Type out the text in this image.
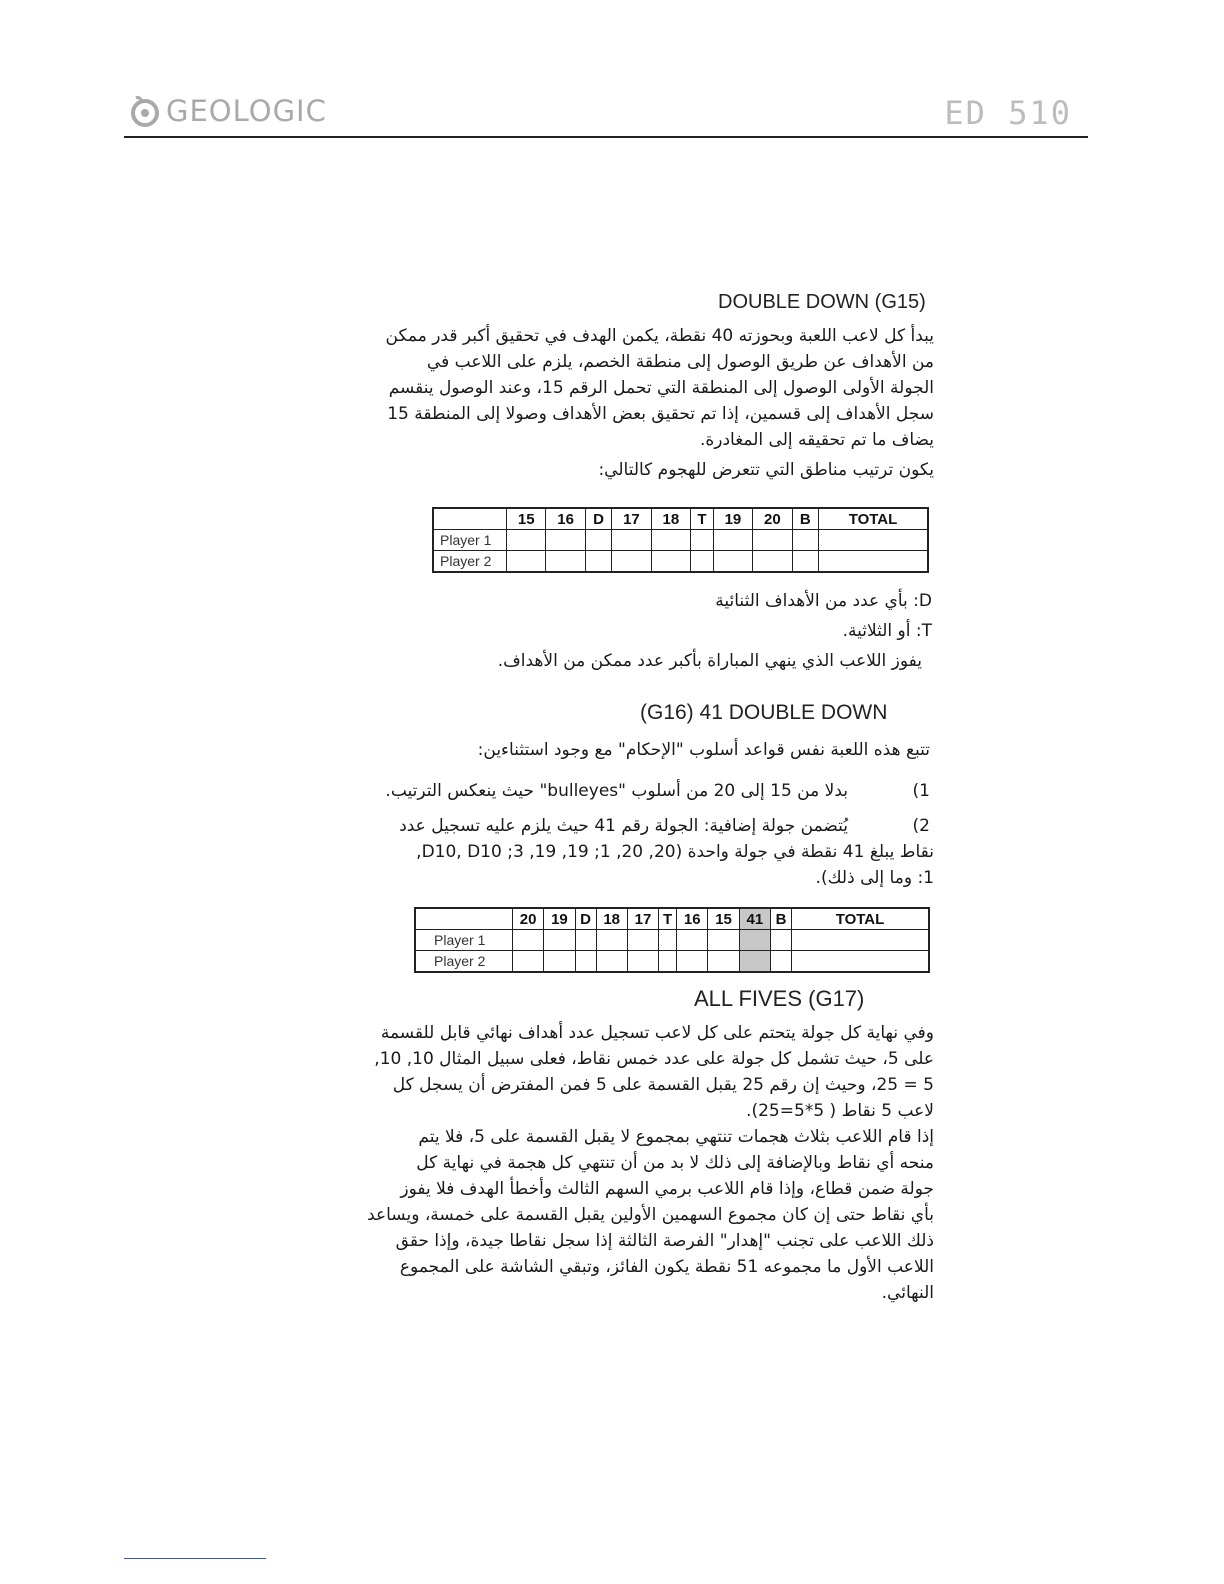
GEOLOGIC	ED 510
DOUBLE DOWN (G15)

يبدأ كل لاعب اللعبة وبحوزته 40 نقطة، يكمن الهدف في تحقيق أكبر قدر ممكن

من الأهداف عن طريق الوصول إلى منطقة الخصم، يلزم على اللاعب في

الجولة الأولى الوصول إلى المنطقة التي تحمل الرقم 15، وعند الوصول ينقسم

سجل الأهداف إلى قسمين، إذا تم تحقيق بعض الأهداف وصولا إلى المنطقة 15

يضاف ما تم تحقيقه إلى المغادرة.

يكون ترتيب مناطق التي تتعرض للهجوم كالتالي:

	15	16	D	17	18	T	19	20	B	TOTAL
Player 1										
Player 2										

D: بأي عدد من الأهداف الثنائية

T: أو الثلاثية.

يفوز اللاعب الذي ينهي المباراة بأكبر عدد ممكن من الأهداف.

(G16) 41 DOUBLE DOWN
تتبع هذه اللعبة نفس قواعد أسلوب "الإحكام" مع وجود استثناءين:
1)
بدلا من 15 إلى 20 من أسلوب "bulleyes" حيث ينعكس الترتيب.
2)

يُتضمن جولة إضافية: الجولة رقم 41 حيث يلزم عليه تسجيل عدد

نقاط يبلغ 41 نقطة في جولة واحدة (20, 20, 1; 19, 19, 3; D10, D10,

1: وما إلى ذلك).

	20	19	D	18	17	T	16	15	41	B	TOTAL
Player 1											
Player 2											
ALL FIVES (G17)

وفي نهاية كل جولة يتحتم على كل لاعب تسجيل عدد أهداف نهائي قابل للقسمة

على 5، حيث تشمل كل جولة على عدد خمس نقاط، فعلى سبيل المثال 10, 10,

5 = 25، وحيث إن رقم 25 يقبل القسمة على 5 فمن المفترض أن يسجل كل

لاعب 5 نقاط ( 5*5=25).

إذا قام اللاعب بثلاث هجمات تنتهي بمجموع لا يقبل القسمة على 5، فلا يتم

منحه أي نقاط وبالإضافة إلى ذلك لا بد من أن تنتهي كل هجمة في نهاية كل

جولة ضمن قطاع، وإذا قام اللاعب برمي السهم الثالث وأخطأ الهدف فلا يفوز

بأي نقاط حتى إن كان مجموع السهمين الأولين يقبل القسمة على خمسة، ويساعد

ذلك اللاعب على تجنب "إهدار" الفرصة الثالثة إذا سجل نقاطا جيدة، وإذا حقق

اللاعب الأول ما مجموعه 51 نقطة يكون الفائز، وتبقي الشاشة على المجموع

النهائي.
